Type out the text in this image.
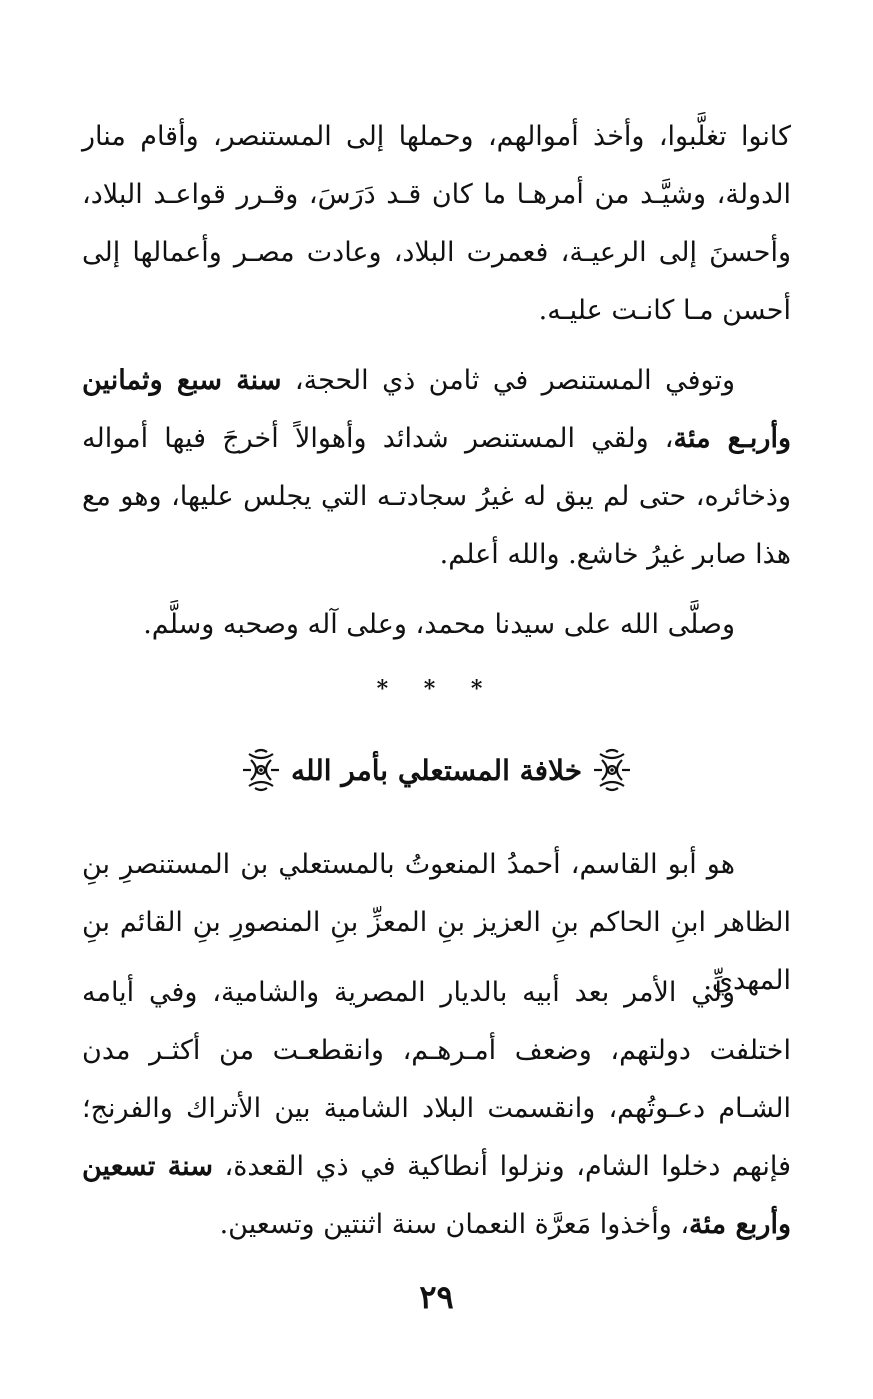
كانوا تغلَّبوا، وأخذ أموالهم، وحملها إلى المستنصر، وأقام منار الدولة، وشيَّـد من أمرهـا ما كان قـد دَرَسَ، وقـرر قواعـد البلاد، وأحسنَ إلى الرعيـة، فعمرت البلاد، وعادت مصـر وأعمالها إلى أحسن مـا كانـت عليـه.

وتوفي المستنصر في ثامن ذي الحجة، سنة سبع وثمانين وأربـع مئة، ولقي المستنصر شدائد وأهوالاً أخرجَ فيها أمواله وذخائره، حتى لم يبق له غيرُ سجادتـه التي يجلس عليها، وهو مع هذا صابر غيرُ خاشع. والله أعلم.

وصلَّى الله على سيدنا محمد، وعلى آله وصحبه وسلَّم.

* * *
خلافة المستعلي بأمر الله

هو أبو القاسم، أحمدُ المنعوتُ بالمستعلي بن المستنصرِ بنِ الظاهر ابنِ الحاكم بنِ العزيز بنِ المعزِّ بنِ المنصورِ بنِ القائم بنِ المهديِّ.

ولي الأمر بعد أبيه بالديار المصرية والشامية، وفي أيامه اختلفت دولتهم، وضعف أمـرهـم، وانقطعـت من أكثـر مدن الشـام دعـوتُهم، وانقسمت البلاد الشامية بين الأتراك والفرنج؛ فإنهم دخلوا الشام، ونزلوا أنطاكية في ذي القعدة، سنة تسعين وأربع مئة، وأخذوا مَعرَّة النعمان سنة اثنتين وتسعين.

٢٩
